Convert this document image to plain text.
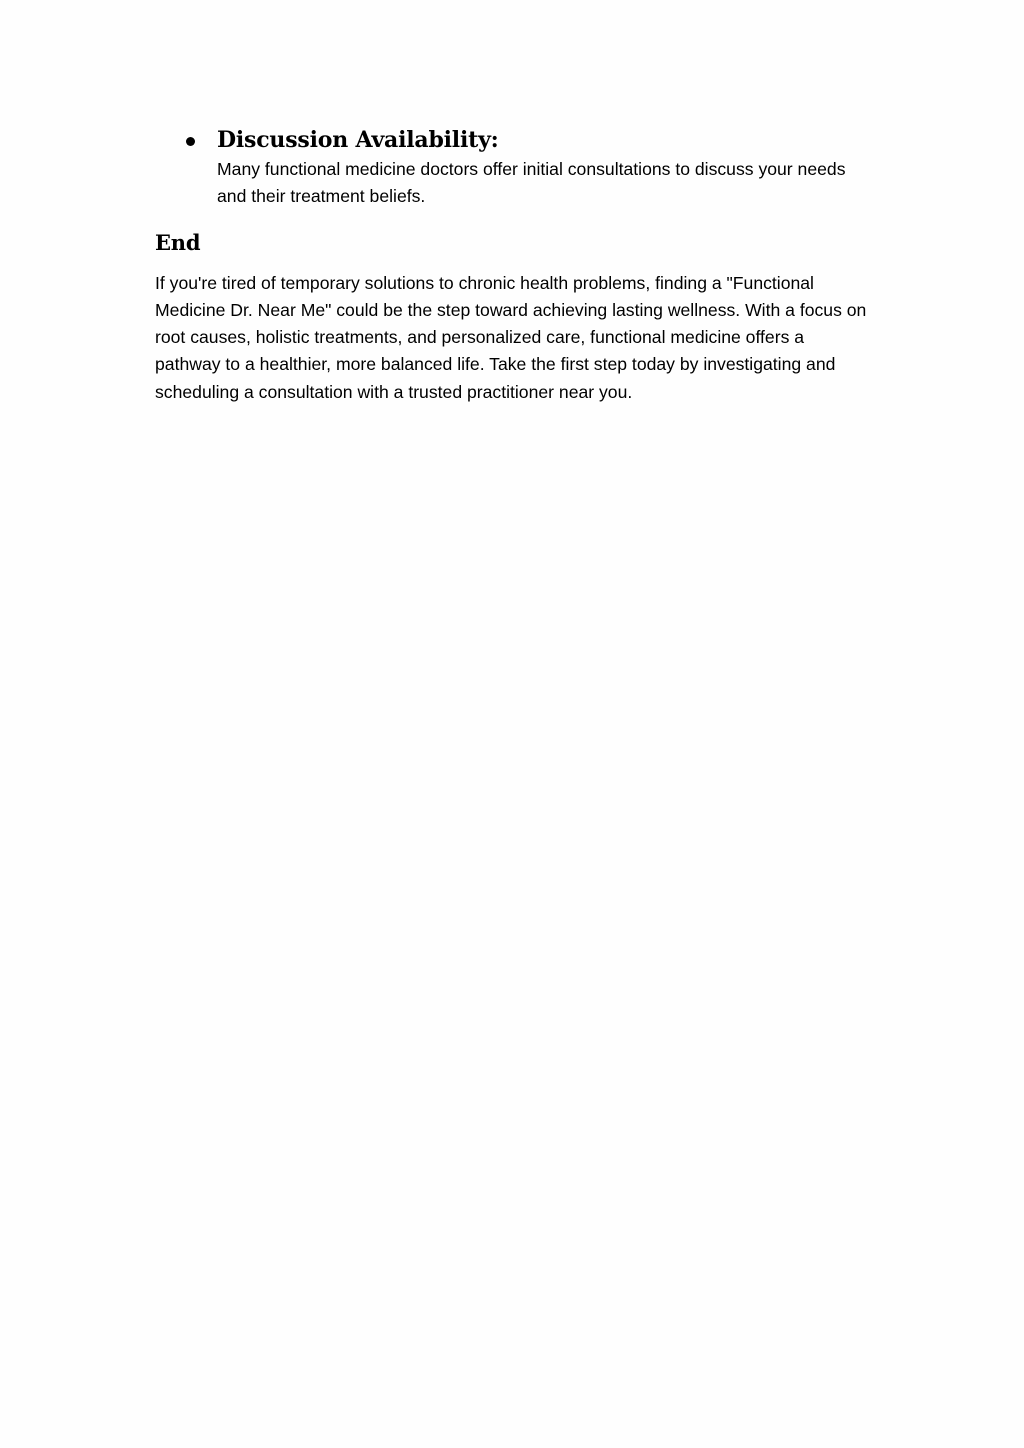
Discussion Availability:

Many functional medicine doctors offer initial consultations to discuss your needs and their treatment beliefs.

End

If you're tired of temporary solutions to chronic health problems, finding a "Functional Medicine Dr. Near Me" could be the step toward achieving lasting wellness. With a focus on root causes, holistic treatments, and personalized care, functional medicine offers a pathway to a healthier, more balanced life. Take the first step today by investigating and scheduling a consultation with a trusted practitioner near you.
